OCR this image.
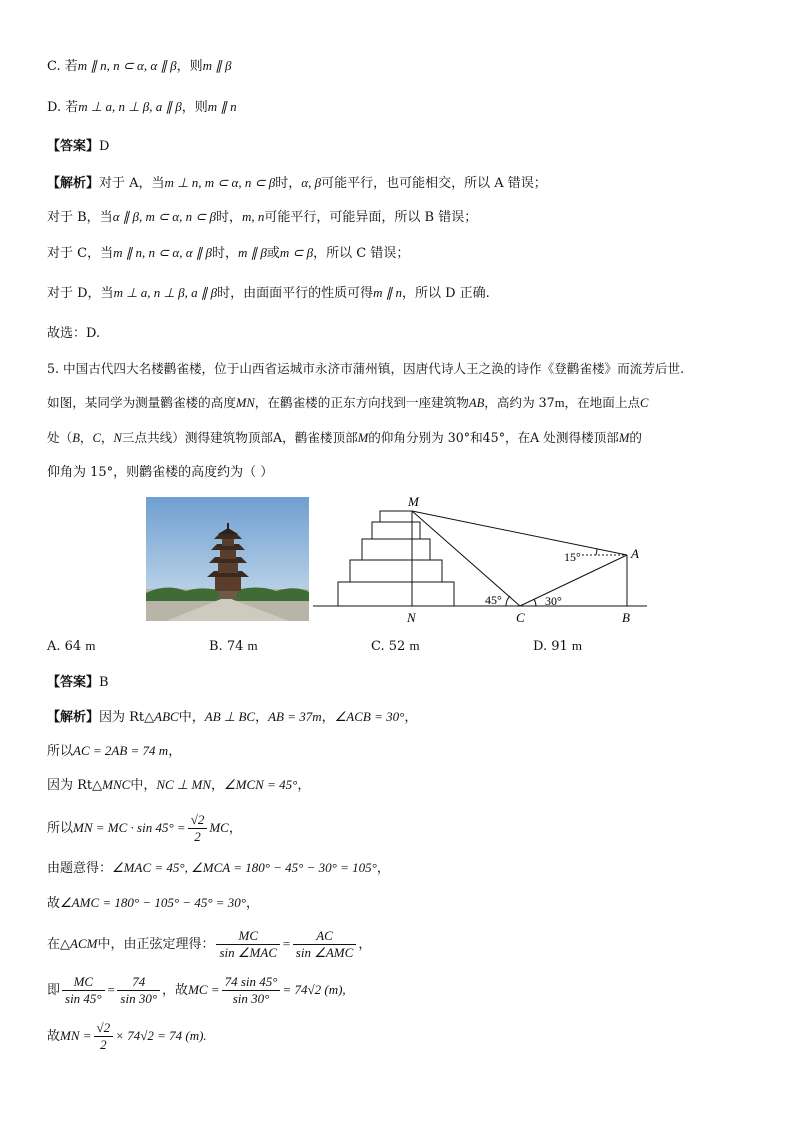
C. 若m ∥ n, n ⊂ α, α ∥ β，则m ∥ β
D. 若m ⊥ a, n ⊥ β, a ∥ β，则m ∥ n
【答案】D
【解析】对于 A，当m ⊥ n, m ⊂ α, n ⊂ β时，α, β可能平行，也可能相交，所以 A 错误；
对于 B，当α ∥ β, m ⊂ α, n ⊂ β时，m, n可能平行，可能异面，所以 B 错误；
对于 C，当m ∥ n, n ⊂ α, α ∥ β时，m ∥ β或m ⊂ β，所以 C 错误；
对于 D，当m ⊥ a, n ⊥ β, a ∥ β时，由面面平行的性质可得m ∥ n，所以 D 正确.
故选：D.
5. 中国古代四大名楼鹳雀楼，位于山西省运城市永济市蒲州镇，因唐代诗人王之涣的诗作《登鹳雀楼》而流芳后世.
如图，某同学为测量鹳雀楼的高度MN，在鹳雀楼的正东方向找到一座建筑物AB，高约为 37m，在地面上点C
处（B，C，N三点共线）测得建筑物顶部A，鹳雀楼顶部M的仰角分别为 30°和45°，在A 处测得楼顶部M的
仰角为 15°，则鹳雀楼的高度约为（ ）
M
N	C	B
A
15°
45°	30°
A. 64 m	B. 74 m	C. 52 m	D. 91 m
【答案】B
【解析】因为 Rt△ABC中，AB ⊥ BC，AB = 37m，∠ACB = 30°，
所以AC = 2AB = 74 m，
因为 Rt△MNC中，NC ⊥ MN，∠MCN = 45°，
所以MN = MC · $\sin 45^\circ = \frac{√2}{2}$ MC，
由题意得：∠MAC = 45°, ∠MCA = 180° − 45° − 30° = 105°，
故∠AMC = 180° − 105° − 45° = 30°，
在△ACM中，由正弦定理得： $\frac{MC}{\text{sin ∠MAC}} = \frac{AC}{\text{sin ∠AMC}}$ ，
即 $\frac{MC}{\sin 45^\circ} = \frac{74}{\sin 30^\circ}$ ，故MC = $\frac{74 \sin 45^\circ}{\sin 30^\circ} = 74√2$ (m),
故MN = $\frac{√2}{2} \times 74√2 = 74$ (m).
